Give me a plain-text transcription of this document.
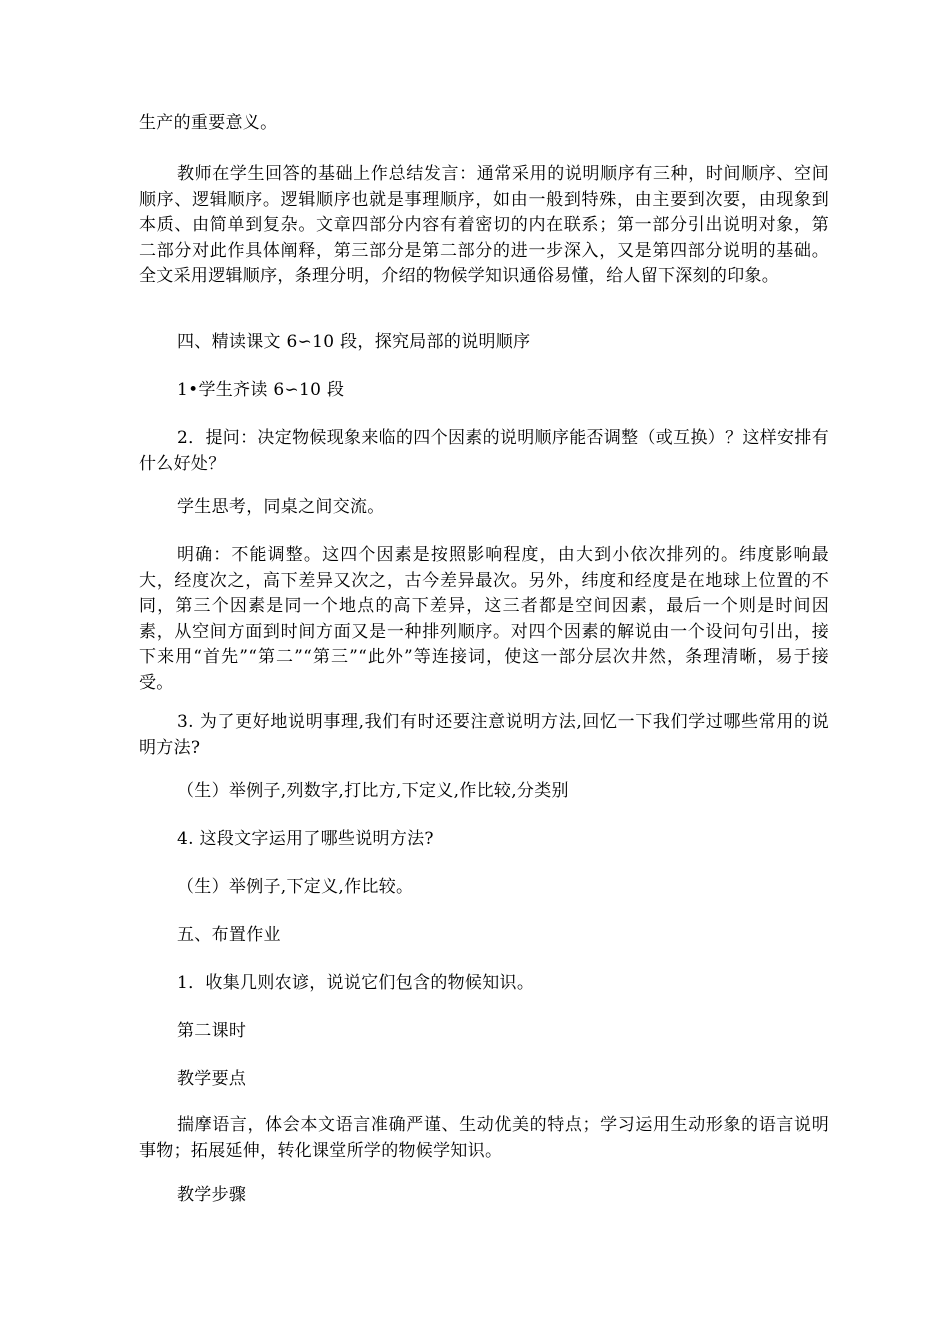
生产的重要意义。

教师在学生回答的基础上作总结发言：通常采用的说明顺序有三种，时间顺序、空间顺序、逻辑顺序。逻辑顺序也就是事理顺序，如由一般到特殊，由主要到次要，由现象到本质、由简单到复杂。文章四部分内容有着密切的内在联系；第一部分引出说明对象，第二部分对此作具体阐释，第三部分是第二部分的进一步深入，又是第四部分说明的基础。全文采用逻辑顺序，条理分明，介绍的物候学知识通俗易懂，给人留下深刻的印象。

四、精读课文 6∽10 段，探究局部的说明顺序

1•学生齐读 6∽10 段

2．提问：决定物候现象来临的四个因素的说明顺序能否调整（或互换）？这样安排有什么好处？

学生思考，同桌之间交流。

明确：不能调整。这四个因素是按照影响程度，由大到小依次排列的。纬度影响最大，经度次之，高下差异又次之，古今差异最次。另外，纬度和经度是在地球上位置的不同，第三个因素是同一个地点的高下差异，这三者都是空间因素，最后一个则是时间因素，从空间方面到时间方面又是一种排列顺序。对四个因素的解说由一个设问句引出，接下来用“首先”“第二”“第三”“此外”等连接词，使这一部分层次井然，条理清晰，易于接受。

3. 为了更好地说明事理,我们有时还要注意说明方法,回忆一下我们学过哪些常用的说明方法?

（生）举例子,列数字,打比方,下定义,作比较,分类别

4. 这段文字运用了哪些说明方法?

（生）举例子,下定义,作比较。

五、布置作业

1．收集几则农谚，说说它们包含的物候知识。

第二课时

教学要点

揣摩语言，体会本文语言准确严谨、生动优美的特点；学习运用生动形象的语言说明事物；拓展延伸，转化课堂所学的物候学知识。

教学步骤
